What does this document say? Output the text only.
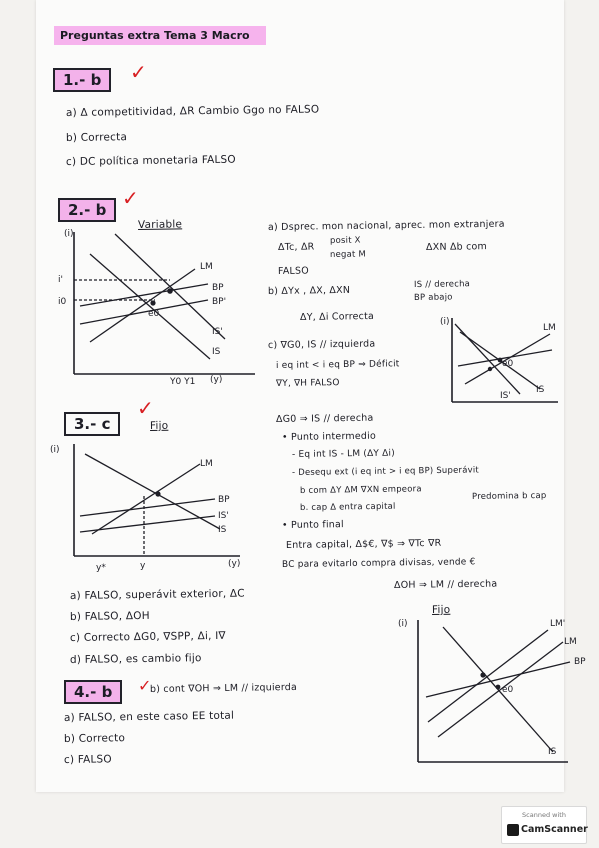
Preguntas extra Tema 3 Macro
1.- b	✓
a) Δ competitividad, ΔR Cambio Ggo no FALSO
b) Correcta
c) DC política monetaria FALSO
2.- b ✓
Variable
(i)
(y)
i'
i0
Y0 Y1
LM
BP
BP'
IS'
IS
e0
a) Dsprec. mon nacional, aprec. mon extranjera
ΔTc, ΔR
posit X
negat M
ΔXN Δb com
FALSO
b) ΔYx , ΔX, ΔXN
IS // derecha
BP abajo
ΔY, Δi Correcta
c) ∇G0, IS // izquierda
i eq int < i eq BP ⇒ Déficit
∇Y, ∇H FALSO
(i)
LM
IS'
IS
e0
ΔG0 ⇒ IS // derecha
• Punto intermedio
- Eq int IS - LM (ΔY Δi)
- Desequ ext (i eq int > i eq BP) Superávit
b com ΔY ΔM ∇XN empeora
b. cap Δ entra capital
Predomina b cap
• Punto final
Entra capital, Δ$€, ∇$ ⇒ ∇Tc ∇R
BC para evitarlo compra divisas, vende €
ΔOH ⇒ LM // derecha
3.- c
✓
Fijo
(i)
(y)
y*	y
LM
BP
IS'
IS
a) FALSO, superávit exterior, ΔC
b) FALSO, ΔOH
c) Correcto ΔG0, ∇SPP, Δi, I∇
d) FALSO, es cambio fijo
Fijo
(i)	LM'
LM
BP
IS
e0
4.- b	✓
b) cont ∇OH ⇒ LM // izquierda
a) FALSO, en este caso EE total
b) Correcto
c) FALSO
Scanned with
CamScanner
